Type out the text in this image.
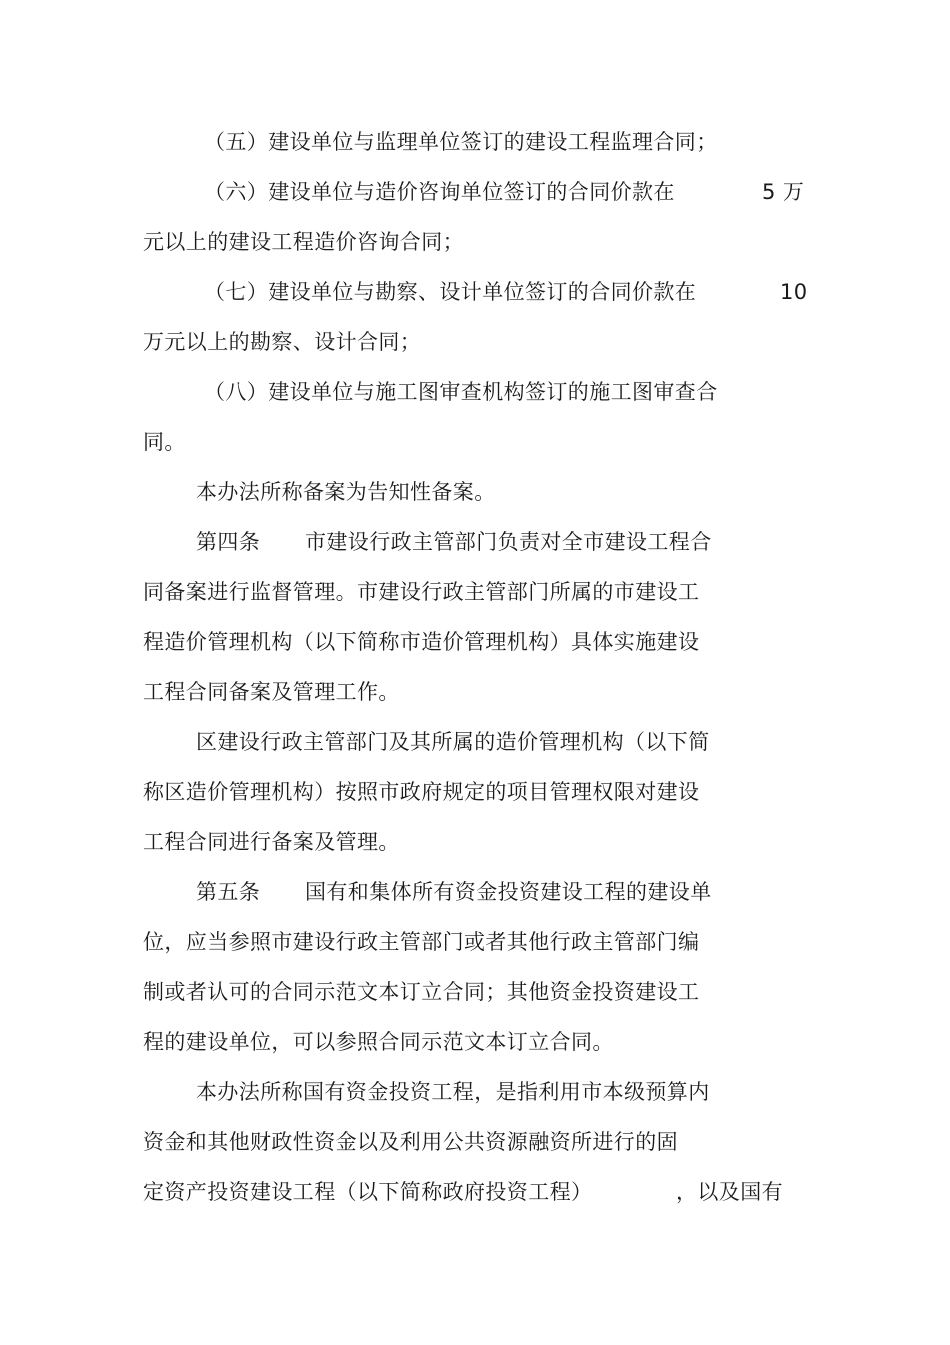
（五）建设单位与监理单位签订的建设工程监理合同；
（六）建设单位与造价咨询单位签订的合同价款在	5 万
元以上的建设工程造价咨询合同；
（七）建设单位与勘察、设计单位签订的合同价款在	10
万元以上的勘察、设计合同；
（八）建设单位与施工图审查机构签订的施工图审查合
同。
本办法所称备案为告知性备案。
第四条 市建设行政主管部门负责对全市建设工程合
同备案进行监督管理。市建设行政主管部门所属的市建设工
程造价管理机构（以下简称市造价管理机构）具体实施建设
工程合同备案及管理工作。
区建设行政主管部门及其所属的造价管理机构（以下简
称区造价管理机构）按照市政府规定的项目管理权限对建设
工程合同进行备案及管理。
第五条 国有和集体所有资金投资建设工程的建设单
位，应当参照市建设行政主管部门或者其他行政主管部门编
制或者认可的合同示范文本订立合同；其他资金投资建设工
程的建设单位，可以参照合同示范文本订立合同。
本办法所称国有资金投资工程，是指利用市本级预算内
资金和其他财政性资金以及利用公共资源融资所进行的固
定资产投资建设工程（以下简称政府投资工程）	，以及国有
